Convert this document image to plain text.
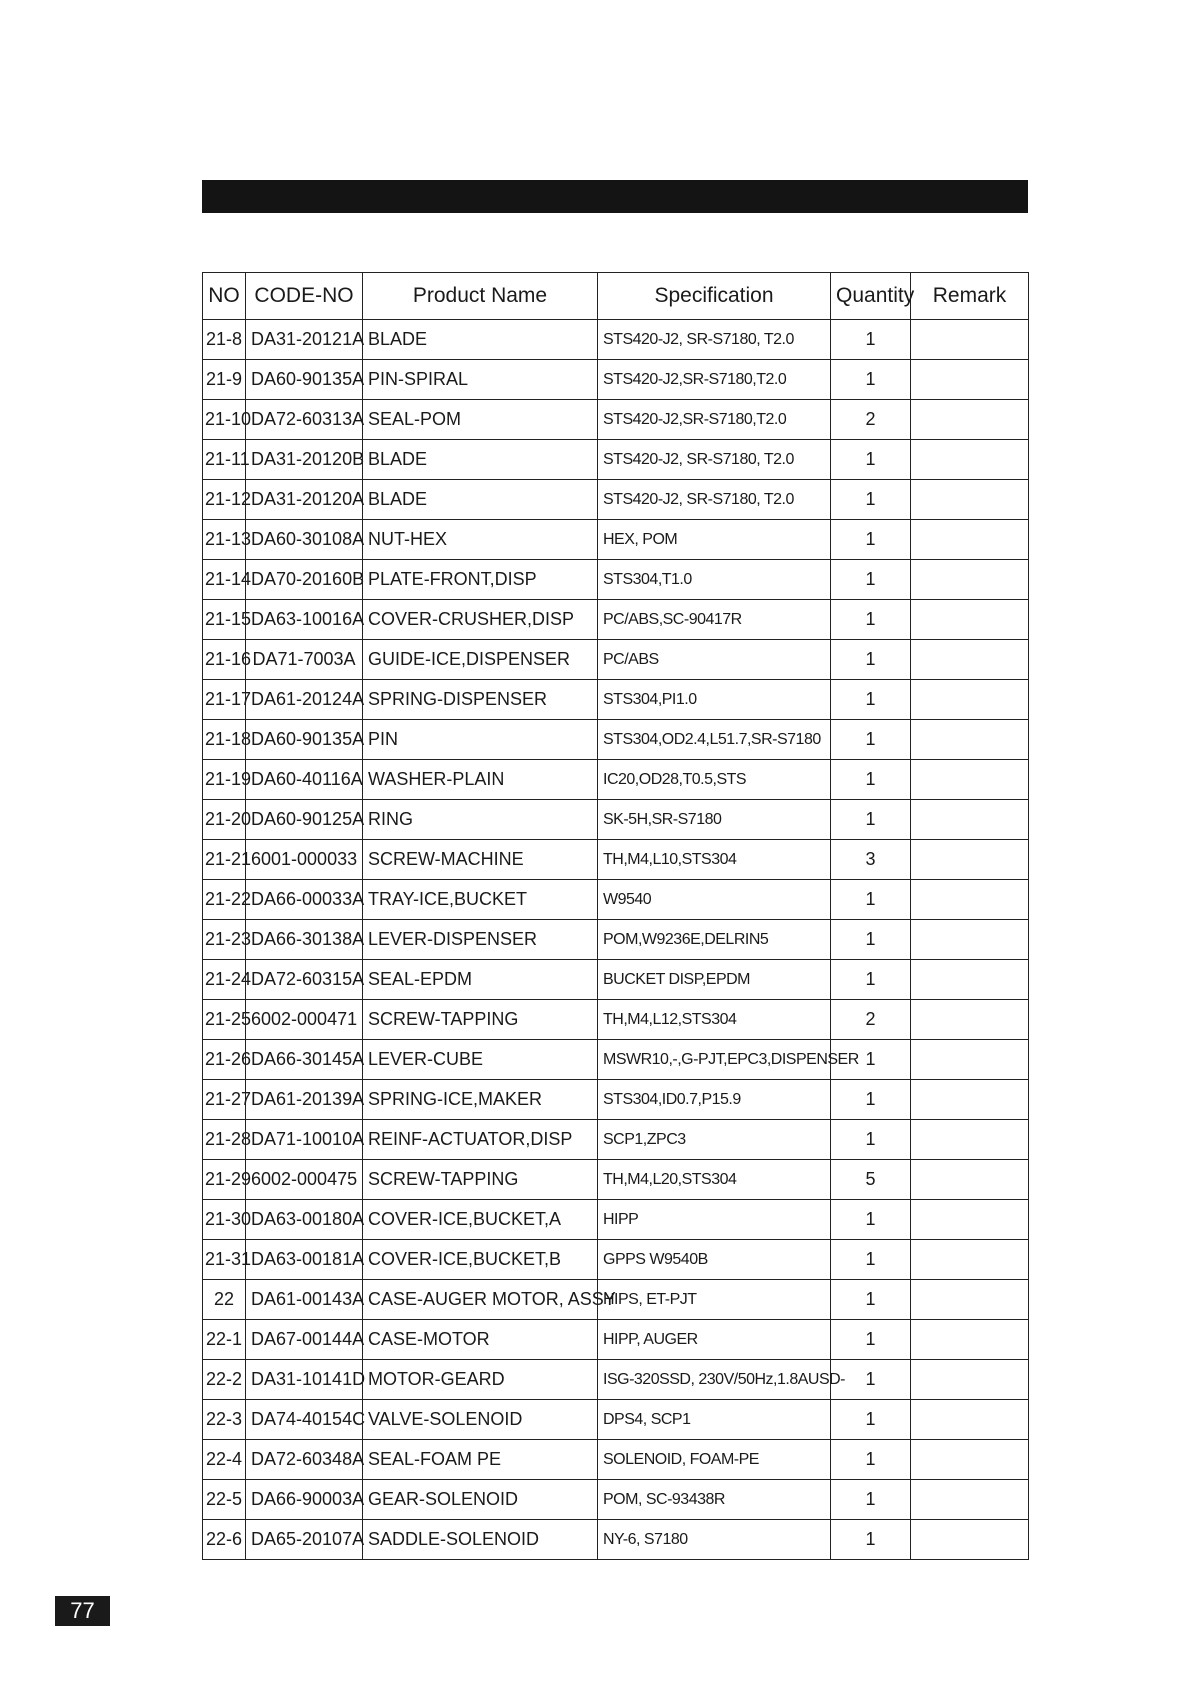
NO	CODE-NO	Product Name	Specification	Quantity	Remark
21-8	DA31-20121A	BLADE	STS420-J2, SR-S7180, T2.0	1	
21-9	DA60-90135A	PIN-SPIRAL	STS420-J2,SR-S7180,T2.0	1	
21-10	DA72-60313A	SEAL-POM	STS420-J2,SR-S7180,T2.0	2	
21-11	DA31-20120B	BLADE	STS420-J2, SR-S7180, T2.0	1	
21-12	DA31-20120A	BLADE	STS420-J2, SR-S7180, T2.0	1	
21-13	DA60-30108A	NUT-HEX	HEX, POM	1	
21-14	DA70-20160B	PLATE-FRONT,DISP	STS304,T1.0	1	
21-15	DA63-10016A	COVER-CRUSHER,DISP	PC/ABS,SC-90417R	1	
21-16	DA71-7003A	GUIDE-ICE,DISPENSER	PC/ABS	1	
21-17	DA61-20124A	SPRING-DISPENSER	STS304,PI1.0	1	
21-18	DA60-90135A	PIN	STS304,OD2.4,L51.7,SR-S7180	1	
21-19	DA60-40116A	WASHER-PLAIN	IC20,OD28,T0.5,STS	1	
21-20	DA60-90125A	RING	SK-5H,SR-S7180	1	
21-21	6001-000033	SCREW-MACHINE	TH,M4,L10,STS304	3	
21-22	DA66-00033A	TRAY-ICE,BUCKET	W9540	1	
21-23	DA66-30138A	LEVER-DISPENSER	POM,W9236E,DELRIN5	1	
21-24	DA72-60315A	SEAL-EPDM	BUCKET DISP,EPDM	1	
21-25	6002-000471	SCREW-TAPPING	TH,M4,L12,STS304	2	
21-26	DA66-30145A	LEVER-CUBE	MSWR10,-,G-PJT,EPC3,DISPENSER	1	
21-27	DA61-20139A	SPRING-ICE,MAKER	STS304,ID0.7,P15.9	1	
21-28	DA71-10010A	REINF-ACTUATOR,DISP	SCP1,ZPC3	1	
21-29	6002-000475	SCREW-TAPPING	TH,M4,L20,STS304	5	
21-30	DA63-00180A	COVER-ICE,BUCKET,A	HIPP	1	
21-31	DA63-00181A	COVER-ICE,BUCKET,B	GPPS W9540B	1	
22	DA61-00143A	CASE-AUGER MOTOR, ASSY	HIPS, ET-PJT	1	
22-1	DA67-00144A	CASE-MOTOR	HIPP, AUGER	1	
22-2	DA31-10141D	MOTOR-GEARD	ISG-320SSD, 230V/50Hz,1.8AUSD-	1	
22-3	DA74-40154C	VALVE-SOLENOID	DPS4, SCP1	1	
22-4	DA72-60348A	SEAL-FOAM PE	SOLENOID, FOAM-PE	1	
22-5	DA66-90003A	GEAR-SOLENOID	POM, SC-93438R	1	
22-6	DA65-20107A	SADDLE-SOLENOID	NY-6, S7180	1	
77
